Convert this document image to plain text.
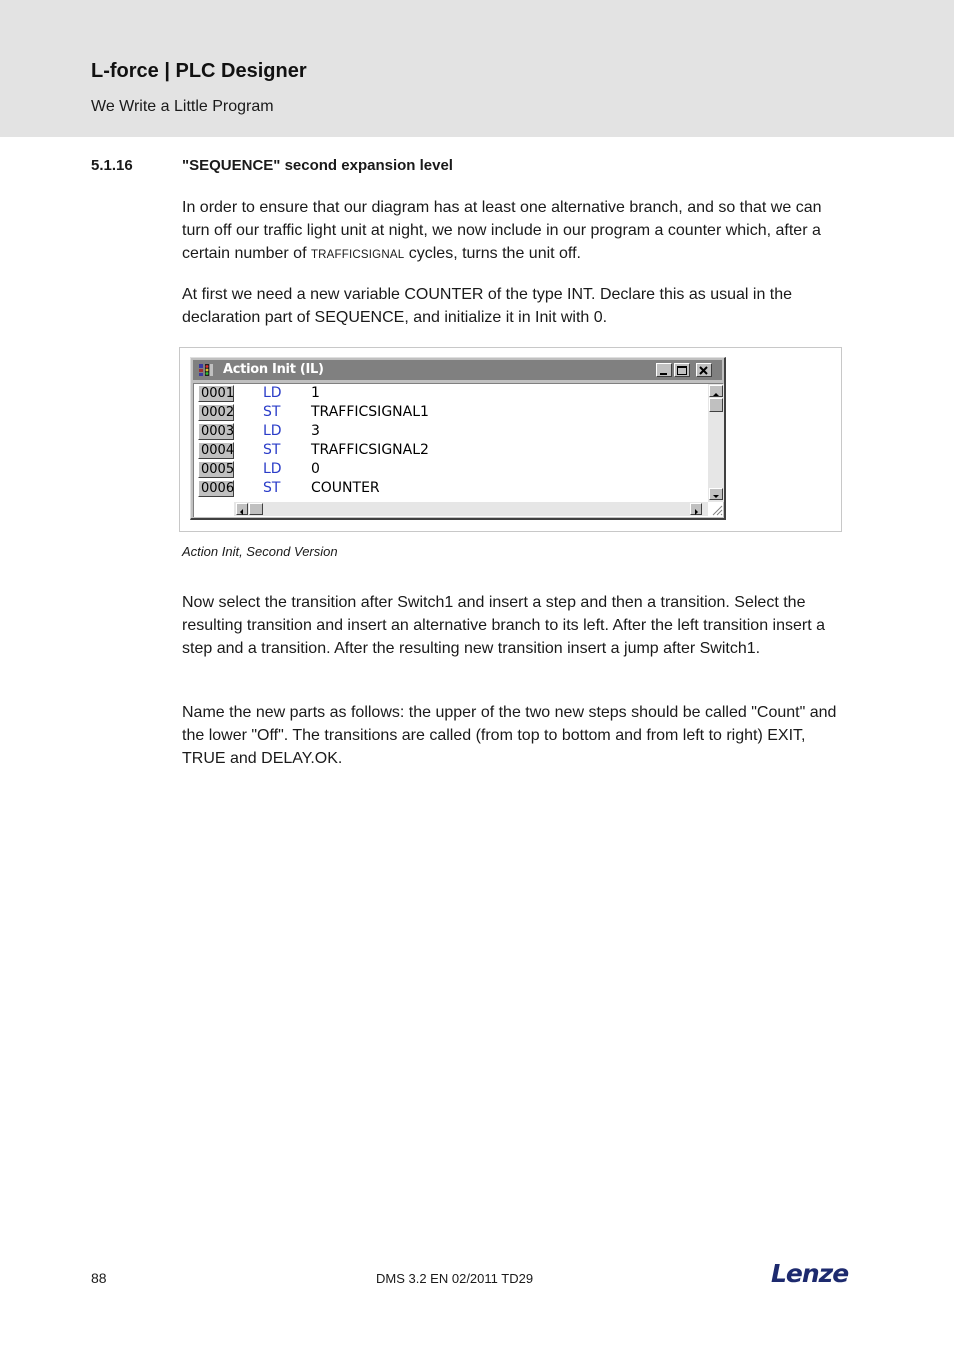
L-force | PLC Designer
We Write a Little Program
5.1.16	"SEQUENCE" second expansion level

In order to ensure that our diagram has at least one alternative branch, and so that we can turn off our traffic light unit at night, we now include in our program a counter which, after a certain number of TRAFFICSIGNAL cycles, turns the unit off.

At first we need a new variable COUNTER of the type INT. Declare this as usual in the declaration part of SEQUENCE, and initialize it in Init with 0.

Action Init (IL)
0001 LD 1
0002 ST TRAFFICSIGNAL1
0003 LD 3
0004 ST TRAFFICSIGNAL2
0005 LD 0
0006 ST COUNTER
Action Init, Second Version

Now select the transition after Switch1 and insert a step and then a transition. Select the resulting transition and insert an alternative branch to its left. After the left transition insert a step and a transition. After the resulting new transition insert a jump after Switch1.

Name the new parts as follows: the upper of the two new steps should be called "Count" and the lower "Off". The transitions are called (from top to bottom and from left to right) EXIT, TRUE and DELAY.OK.

88	DMS 3.2 EN 02/2011 TD29	Lenze
